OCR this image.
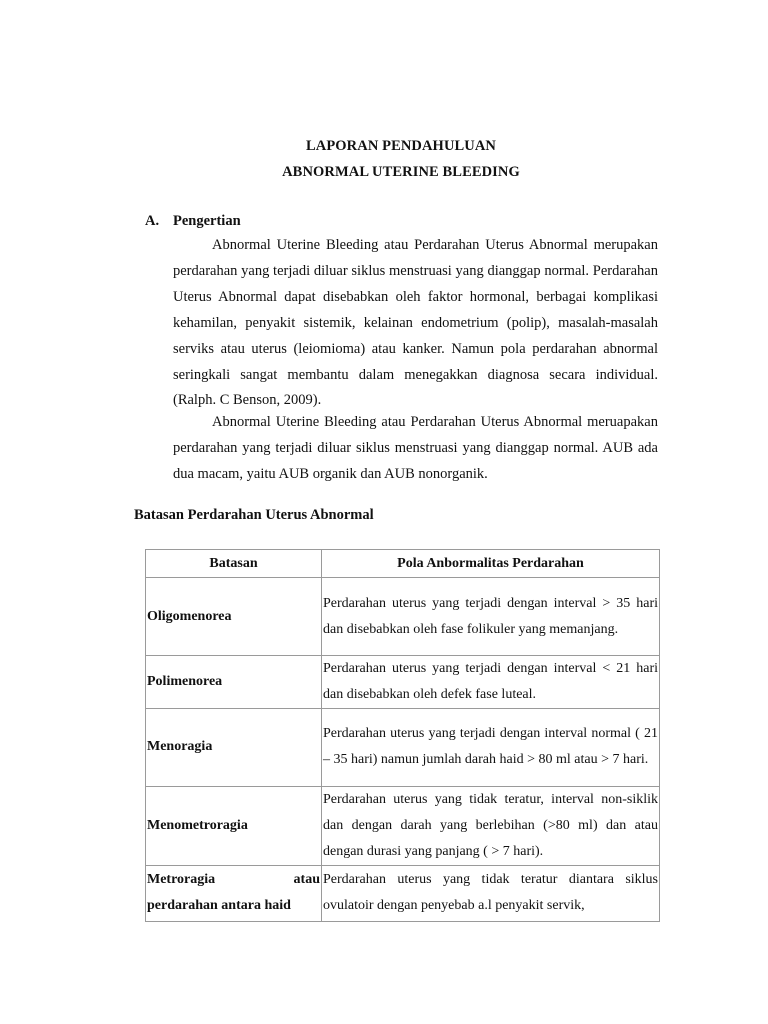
LAPORAN PENDAHULUAN
ABNORMAL UTERINE BLEEDING
A. Pengertian
Abnormal Uterine Bleeding atau Perdarahan Uterus Abnormal merupakan perdarahan yang terjadi diluar siklus menstruasi yang dianggap normal. Perdarahan Uterus Abnormal dapat disebabkan oleh faktor hormonal, berbagai komplikasi kehamilan, penyakit sistemik, kelainan endometrium (polip), masalah-masalah serviks atau uterus (leiomioma) atau kanker. Namun pola perdarahan abnormal seringkali sangat membantu dalam menegakkan diagnosa secara individual. (Ralph. C Benson, 2009).
Abnormal Uterine Bleeding atau Perdarahan Uterus Abnormal meruapakan perdarahan yang terjadi diluar siklus menstruasi yang dianggap normal. AUB ada dua macam, yaitu AUB organik dan AUB nonorganik.
Batasan Perdarahan Uterus Abnormal
Batasan	Pola Anbormalitas Perdarahan
Oligomenorea	Perdarahan uterus yang terjadi dengan interval > 35 hari dan disebabkan oleh fase folikuler yang memanjang.
Polimenorea	Perdarahan uterus yang terjadi dengan interval < 21 hari dan disebabkan oleh defek fase luteal.
Menoragia	Perdarahan uterus yang terjadi dengan interval normal ( 21 – 35 hari) namun jumlah darah haid > 80 ml atau > 7 hari.
Menometroragia	Perdarahan uterus yang tidak teratur, interval non-siklik dan dengan darah yang berlebihan (>80 ml) dan atau dengan durasi yang panjang ( > 7 hari).

Metroragia atau
perdarahan antara haid	Perdarahan uterus yang tidak teratur diantara siklus ovulatoir dengan penyebab a.l penyakit servik,
